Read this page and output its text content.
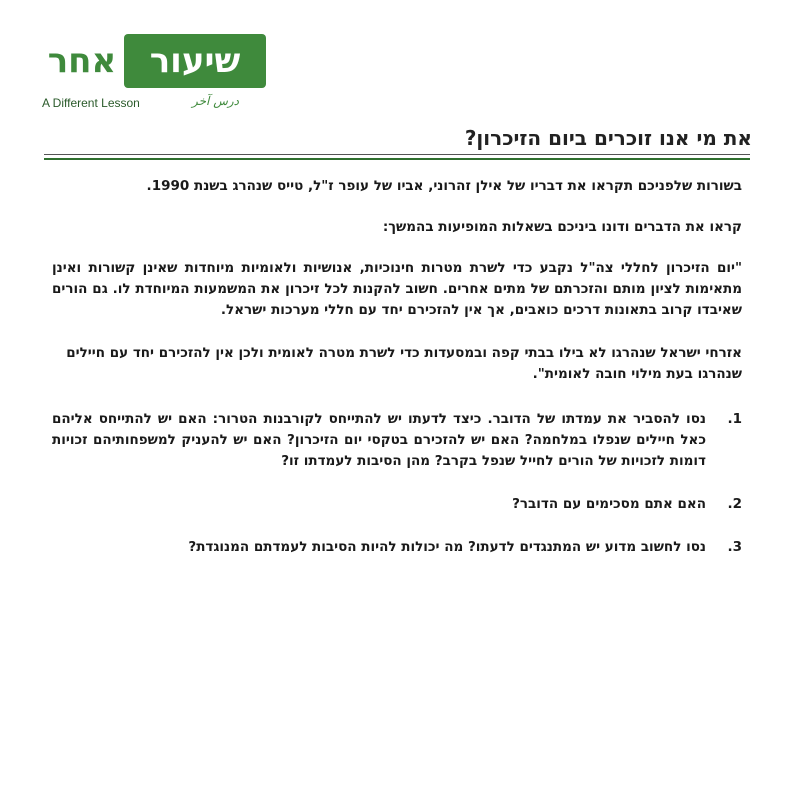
אחר שיעור
A Different Lesson	درس آخر
את מי אנו זוכרים ביום הזיכרון?

בשורות שלפניכם תקראו את דבריו של אילן זהרוני, אביו של עופר ז"ל, טייס שנהרג בשנת 1990.

קראו את הדברים ודונו ביניכם בשאלות המופיעות בהמשך:

"יום הזיכרון לחללי צה"ל נקבע כדי לשרת מטרות חינוכיות, אנושיות ולאומיות מיוחדות שאינן קשורות ואינן מתאימות לציון מותם והזכרתם של מתים אחרים. חשוב להקנות לכל זיכרון את המשמעות המיוחדת לו. גם הורים שאיבדו קרוב בתאונות דרכים כואבים, אך אין להזכירם יחד עם חללי מערכות ישראל.

אזרחי ישראל שנהרגו לא בילו בבתי קפה ובמסעדות כדי לשרת מטרה לאומית ולכן אין להזכירם יחד עם חיילים שנהרגו בעת מילוי חובה לאומית".

1.
נסו להסביר את עמדתו של הדובר. כיצד לדעתו יש להתייחס לקורבנות הטרור: האם יש להתייחס אליהם כאל חיילים שנפלו במלחמה? האם יש להזכירם בטקסי יום הזיכרון? האם יש להעניק למשפחותיהם זכויות דומות לזכויות של הורים לחייל שנפל בקרב? מהן הסיבות לעמדתו זו?
2.
האם אתם מסכימים עם הדובר?
3.
נסו לחשוב מדוע יש המתנגדים לדעתו? מה יכולות להיות הסיבות לעמדתם המנוגדת?
